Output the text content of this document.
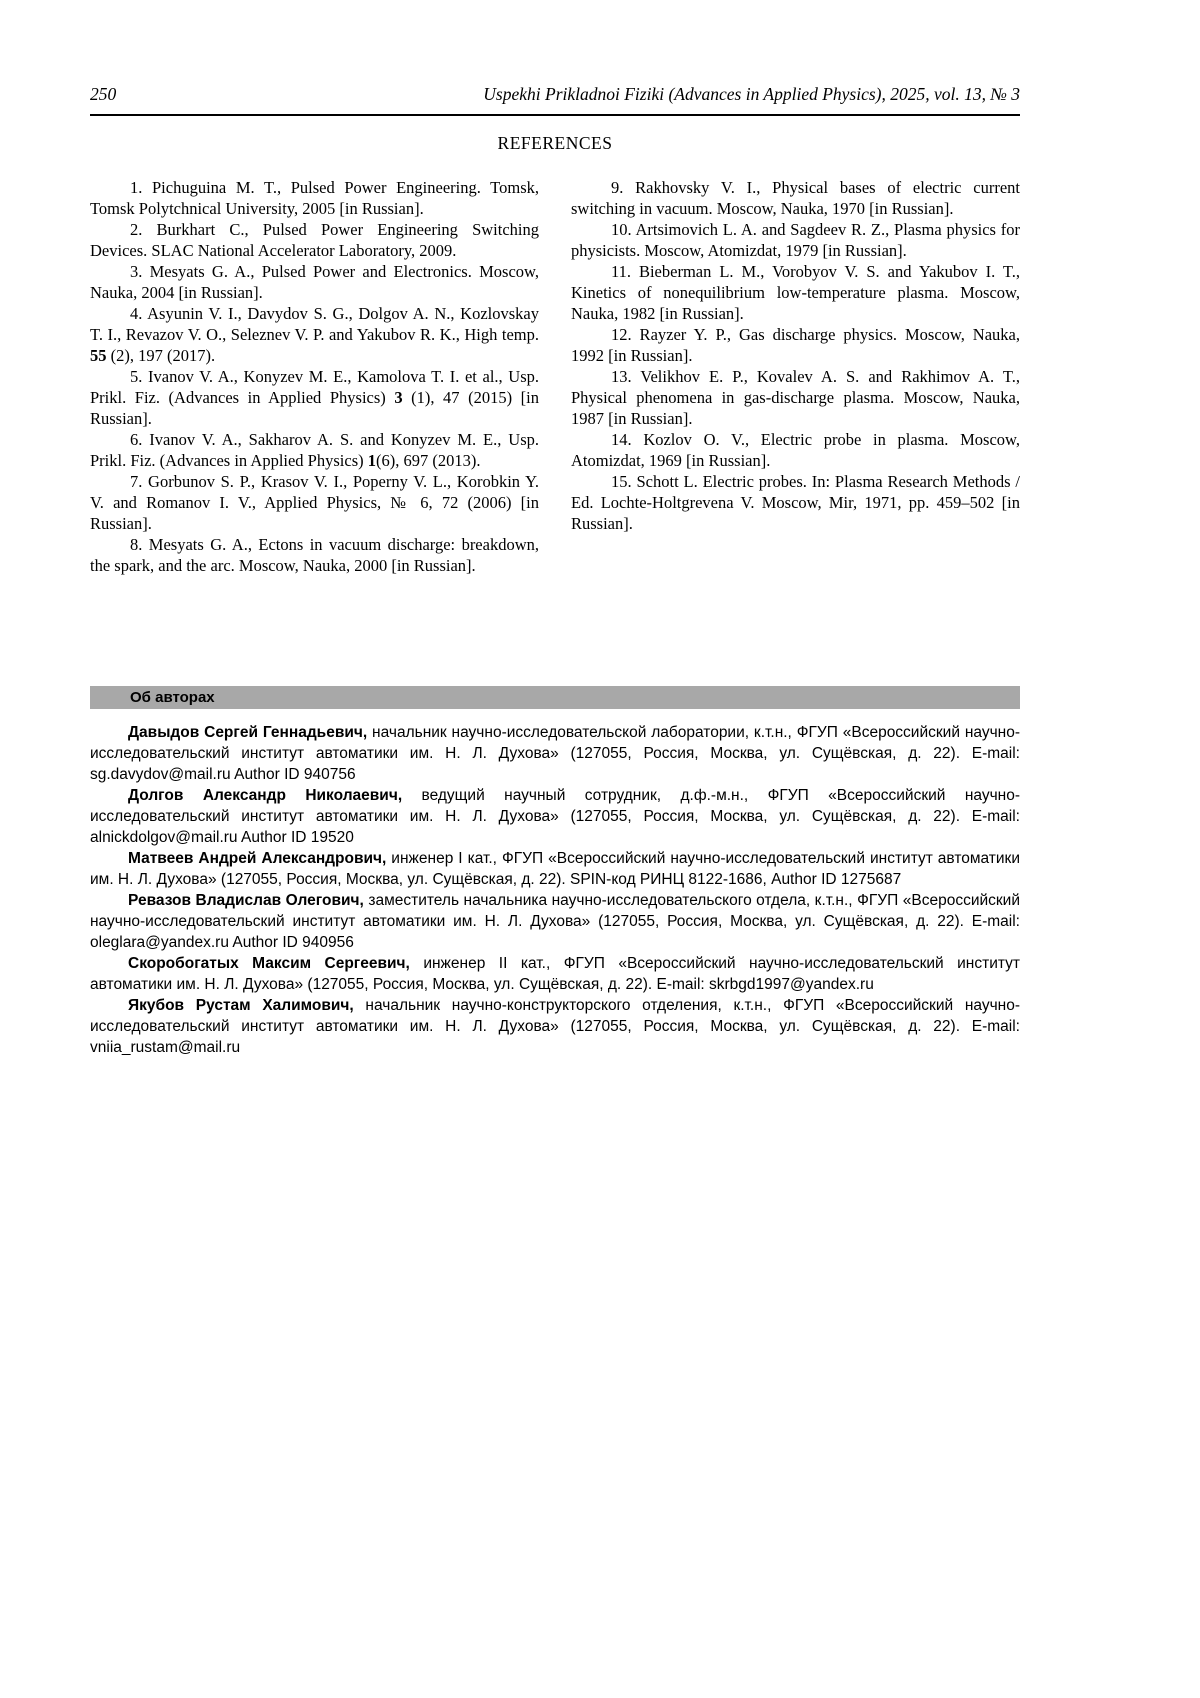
250	Uspekhi Prikladnoi Fiziki (Advances in Applied Physics), 2025, vol. 13, № 3
REFERENCES

1. Pichuguina M. T., Pulsed Power Engineering. Tomsk, Tomsk Polytchnical University, 2005 [in Russian].

2. Burkhart C., Pulsed Power Engineering Switching Devices. SLAC National Accelerator Laboratory, 2009.

3. Mesyats G. A., Pulsed Power and Electronics. Moscow, Nauka, 2004 [in Russian].

4. Asyunin V. I., Davydov S. G., Dolgov A. N., Kozlovskay T. I., Revazov V. O., Seleznev V. P. and Yakubov R. K., High temp. 55 (2), 197 (2017).

5. Ivanov V. A., Konyzev M. E., Kamolova T. I. et al., Usp. Prikl. Fiz. (Advances in Applied Physics) 3 (1), 47 (2015) [in Russian].

6. Ivanov V. A., Sakharov A. S. and Konyzev M. E., Usp. Prikl. Fiz. (Advances in Applied Physics) 1(6), 697 (2013).

7. Gorbunov S. P., Krasov V. I., Poperny V. L., Korobkin Y. V. and Romanov I. V., Applied Physics, № 6, 72 (2006) [in Russian].

8. Mesyats G. A., Ectons in vacuum discharge: breakdown, the spark, and the arc. Moscow, Nauka, 2000 [in Russian].

9. Rakhovsky V. I., Physical bases of electric current switching in vacuum. Moscow, Nauka, 1970 [in Russian].

10. Artsimovich L. A. and Sagdeev R. Z., Plasma physics for physicists. Moscow, Atomizdat, 1979 [in Russian].

11. Bieberman L. M., Vorobyov V. S. and Yakubov I. T., Kinetics of nonequilibrium low-temperature plasma. Moscow, Nauka, 1982 [in Russian].

12. Rayzer Y. P., Gas discharge physics. Moscow, Nauka, 1992 [in Russian].

13. Velikhov E. P., Kovalev A. S. and Rakhimov A. T., Physical phenomena in gas-discharge plasma. Moscow, Nauka, 1987 [in Russian].

14. Kozlov O. V., Electric probe in plasma. Moscow, Atomizdat, 1969 [in Russian].

15. Schott L. Electric probes. In: Plasma Research Methods / Ed. Lochte-Holtgrevena V. Moscow, Mir, 1971, pp. 459–502 [in Russian].

Об авторах

Давыдов Сергей Геннадьевич, начальник научно-исследовательской лаборатории, к.т.н., ФГУП «Всероссийский научно-исследовательский институт автоматики им. Н. Л. Духова» (127055, Россия, Москва, ул. Сущёвская, д. 22). E-mail: sg.davydov@mail.ru Author ID 940756

Долгов Александр Николаевич, ведущий научный сотрудник, д.ф.-м.н., ФГУП «Всероссийский научно-исследовательский институт автоматики им. Н. Л. Духова» (127055, Россия, Москва, ул. Сущёвская, д. 22). E-mail: alnickdolgov@mail.ru Author ID 19520

Матвеев Андрей Александрович, инженер I кат., ФГУП «Всероссийский научно-исследовательский институт автоматики им. Н. Л. Духова» (127055, Россия, Москва, ул. Сущёвская, д. 22). SPIN-код РИНЦ 8122-1686, Author ID 1275687

Ревазов Владислав Олегович, заместитель начальника научно-исследовательского отдела, к.т.н., ФГУП «Всероссийский научно-исследовательский институт автоматики им. Н. Л. Духова» (127055, Россия, Москва, ул. Сущёвская, д. 22). E-mail: oleglara@yandex.ru Author ID 940956

Скоробогатых Максим Сергеевич, инженер II кат., ФГУП «Всероссийский научно-исследовательский институт автоматики им. Н. Л. Духова» (127055, Россия, Москва, ул. Сущёвская, д. 22). E-mail: skrbgd1997@yandex.ru

Якубов Рустам Халимович, начальник научно-конструкторского отделения, к.т.н., ФГУП «Всероссийский научно-исследовательский институт автоматики им. Н. Л. Духова» (127055, Россия, Москва, ул. Сущёвская, д. 22). E-mail: vniia_rustam@mail.ru
